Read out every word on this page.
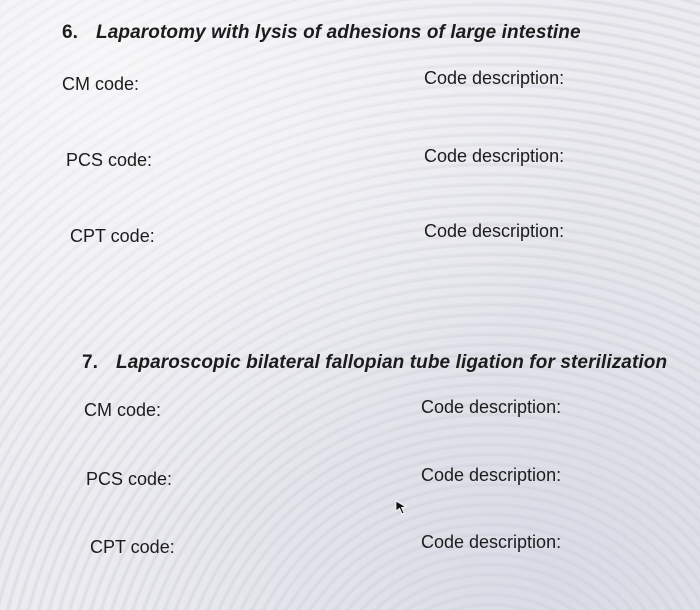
6. Laparotomy with lysis of adhesions of large intestine
CM code:	Code description:
PCS code:	Code description:
CPT code:	Code description:
7. Laparoscopic bilateral fallopian tube ligation for sterilization
CM code:	Code description:
PCS code:	Code description:
CPT code:	Code description:
